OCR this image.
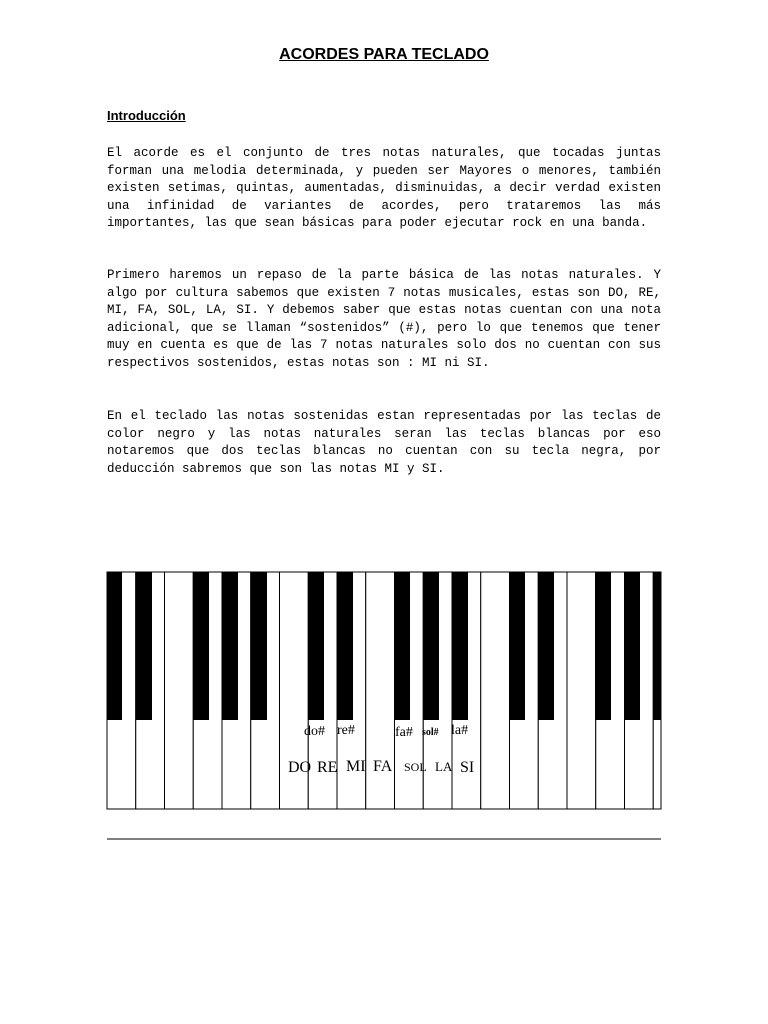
ACORDES PARA TECLADO
Introducción

El acorde es el conjunto de tres notas naturales, que tocadas juntas forman una melodia determinada, y pueden ser Mayores o menores, también existen setimas, quintas, aumentadas, disminuidas, a decir verdad existen una infinidad de variantes de acordes, pero trataremos las más importantes, las que sean básicas para poder ejecutar rock en una banda.

Primero haremos un repaso de la parte básica de las notas naturales. Y algo por cultura sabemos que existen 7 notas musicales, estas son DO, RE, MI, FA, SOL, LA, SI. Y debemos saber que estas notas cuentan con una nota adicional, que se llaman “sostenidos” (#), pero lo que tenemos que tener muy en cuenta es que de las 7 notas naturales solo dos no cuentan con sus respectivos sostenidos, estas notas son : MI ni SI.

En el teclado las notas sostenidas estan representadas por las teclas de color negro y las notas naturales seran las teclas blancas por eso notaremos que dos teclas blancas no cuentan con su tecla negra, por deducción sabremos que son las notas MI y SI.

do# re#	fa# sol# la#
DO RE MI FA SOL LA SI
